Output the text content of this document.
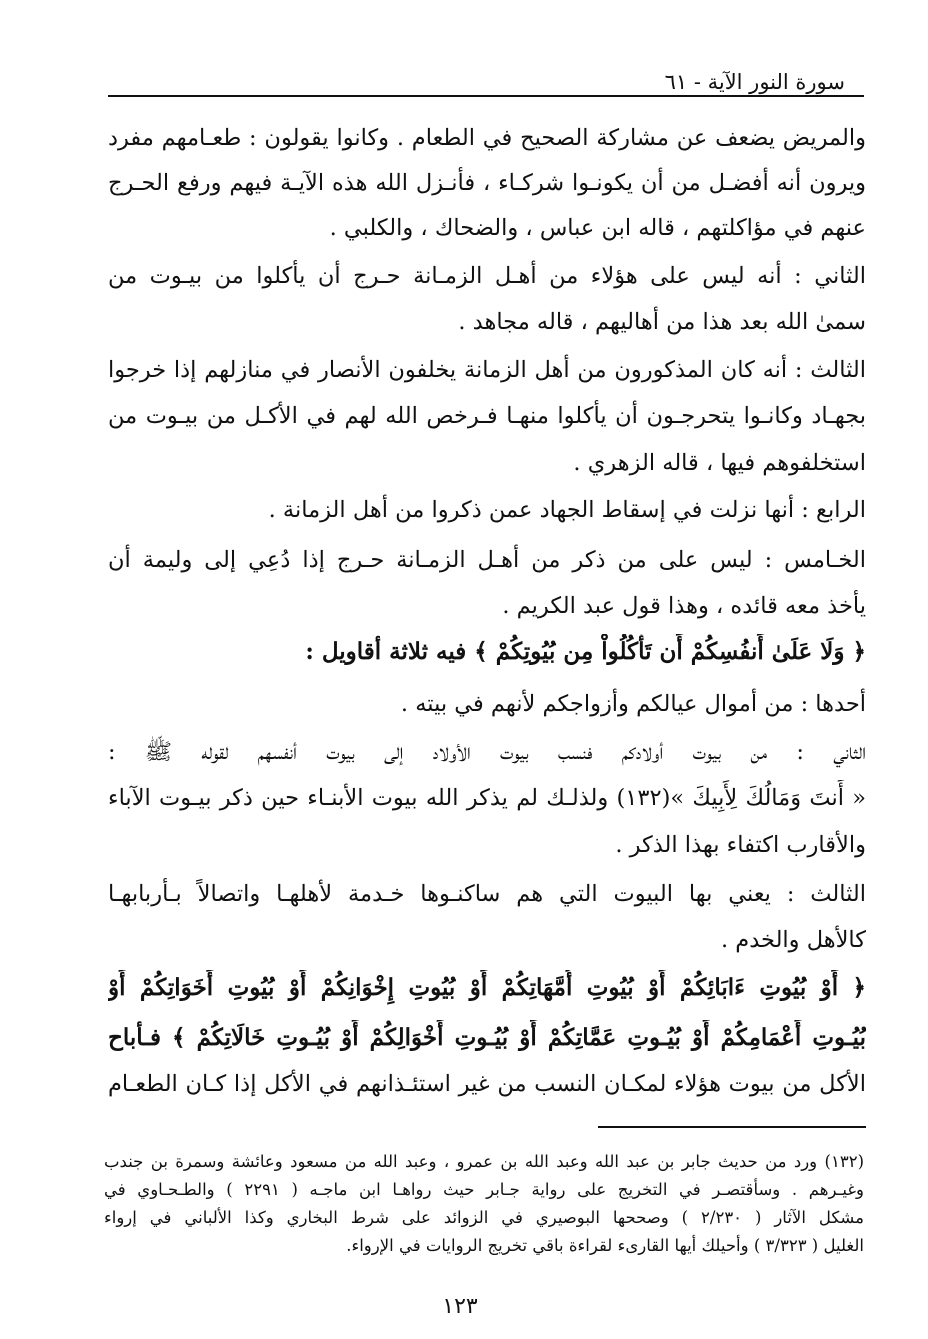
سورة النور الآية - ٦١
والمريض يضعف عن مشاركة الصحيح في الطعام . وكانوا يقولون : طعـامهم مفرد
ويرون أنه أفضـل من أن يكونـوا شركـاء ، فأنـزل الله هذه الآيـة فيهم ورفع الحـرج
عنهم في مؤاكلتهم ، قاله ابن عباس ، والضحاك ، والكلبي .
الثاني : أنه ليس على هؤلاء من أهـل الزمـانة حـرج أن يأكلوا من بيـوت من
سمىٰ الله بعد هذا من أهاليهم ، قاله مجاهد .
الثالث : أنه كان المذكورون من أهل الزمانة يخلفون الأنصار في منازلهم إذا خرجوا
بجهـاد وكانـوا يتحرجـون أن يأكلوا منهـا فـرخص الله لهم في الأكـل من بيـوت من
استخلفوهم فيها ، قاله الزهري .
الرابع : أنها نزلت في إسقاط الجهاد عمن ذكروا من أهل الزمانة .
الخـامس : ليس على من ذكر من أهـل الزمـانة حـرج إذا دُعِي إلى وليمة أن
يأخذ معه قائده ، وهذا قول عبد الكريم .
﴿ وَلَا عَلَىٰ أَنفُسِكُمْ أَن تَأْكُلُواْ مِن بُيُوتِكُمْ ﴾ فيه ثلاثة أقاويل :
أحدها : من أموال عيالكم وأزواجكم لأنهم في بيته .
الثاني : من بيوت أولادكم فنسب بيوت الأولاد إلى بيوت أنفسهم لقوله ﷺ :
« أَنتَ وَمَالُكَ لِأَبِيكَ »(١٣٢) ولذلـك لم يذكر الله بيوت الأبنـاء حين ذكر بيـوت الآباء
والأقارب اكتفاء بهذا الذكر .
الثالث : يعني بها البيوت التي هم ساكنـوها خـدمة لأهلهـا واتصالاً بـأربابهـا
كالأهل والخدم .
﴿ أَوْ بُيُوتِ ءَابَائِكُمْ أَوْ بُيُوتِ أُمَّهَاتِكُمْ أَوْ بُيُوتِ إِخْوَانِكُمْ أَوْ بُيُوتِ أَخَوَاتِكُمْ أَوْ
بُيُـوتِ أَعْمَامِكُمْ أَوْ بُيُـوتِ عَمَّاتِكُمْ أَوْ بُيُـوتِ أَخْوَالِكُمْ أَوْ بُيُـوتِ خَالَاتِكُمْ ﴾ فـأباح
الأكل من بيوت هؤلاء لمكـان النسب من غير استئـذانهم في الأكل إذا كـان الطعـام
(١٣٢) ورد من حديث جابر بن عبد الله وعبد الله بن عمرو ، وعبد الله من مسعود وعائشة وسمرة بن جندب
وغيـرهم . وسأقتصـر في التخريج على رواية جـابر حيث رواهـا ابن ماجـه ( ٢٢٩١ ) والطـحـاوي في
مشكل الآثار ( ٢/٢٣٠ ) وصححها البوصيري في الزوائد على شرط البخاري وكذا الألباني في إرواء
الغليل ( ٣/٣٢٣ ) وأحيلك أيها القارىء لقراءة باقي تخريج الروايات في الإرواء.
١٢٣
